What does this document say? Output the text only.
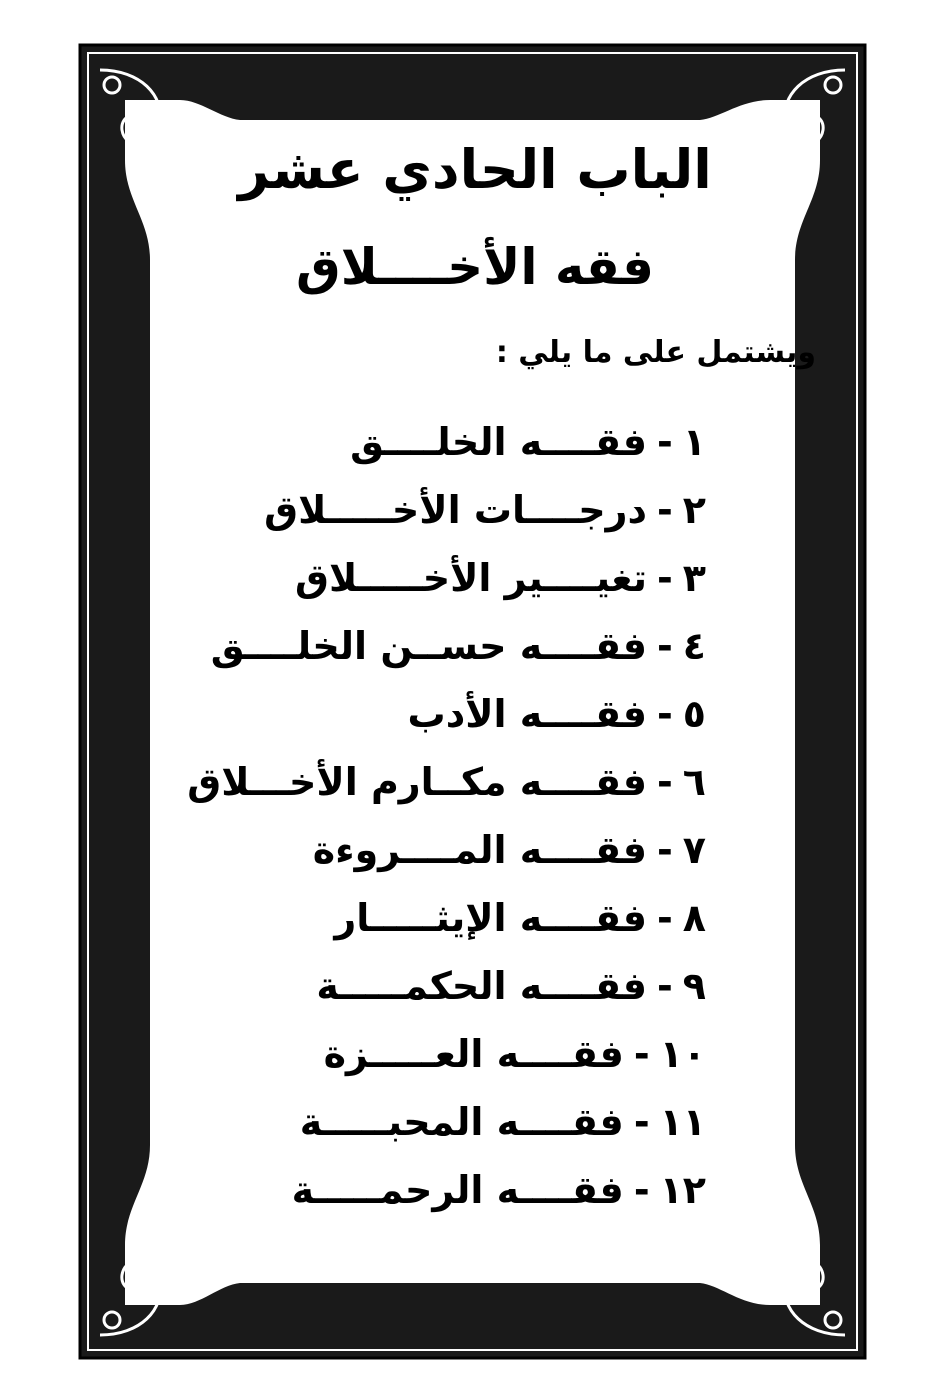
الباب الحادي عشر
فقه الأخــــلاق
ويشتمل على ما يلي :
١-فقــــه الخلــــق
٢-درجــــات الأخـــــلاق
٣-تغيــــير الأخـــــلاق
٤-فقــــه حســن الخلــــق
٥-فقــــه الأدب
٦-فقــــه مكــارم الأخـــلاق
٧-فقــــه المــــروءة
٨-فقــــه الإيثـــــار
٩-فقــــه الحكمـــــة
١٠-فقــــه العـــــزة
١١-فقــــه المحبـــــة
١٢-فقــــه الرحمـــــة
